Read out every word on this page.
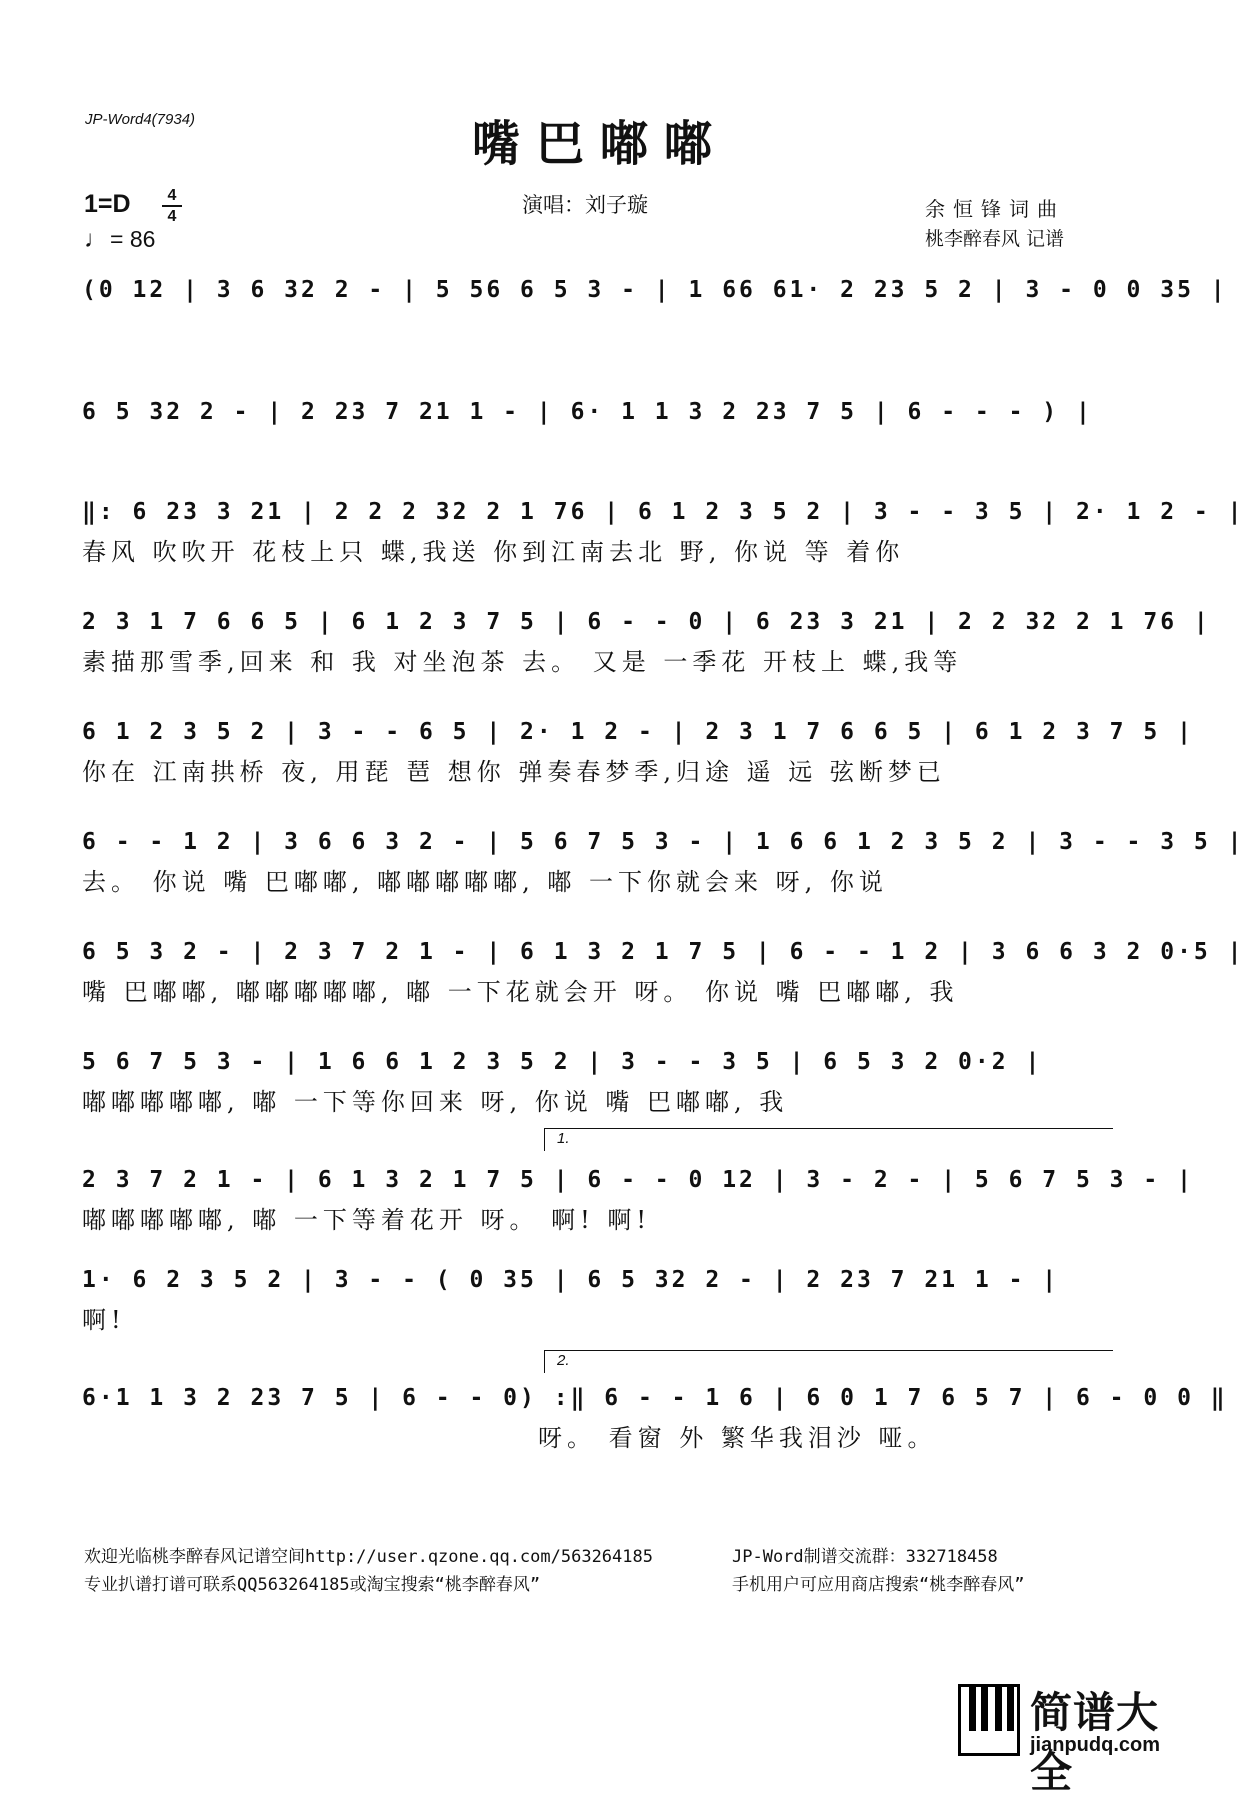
JP-Word4(7934)	嘴巴嘟嘟
1=D	4
4
♩= 86
演唱：刘子璇	余恒锋词曲
桃李醉春风 记谱
(0 12 | 3 6 32 2 - | 5 56 6 5 3 - | 1 66 61· 2 23 5 2 | 3 - 0 0 35 |
6 5 32 2 - | 2 23 7 21 1 - | 6· 1 1 3 2 23 7 5 | 6 - - - ) |
‖: 6 23 3 21 | 2 2 2 32 2 1 76 | 6 1 2 3 5 2 | 3 - - 3 5 | 2· 1 2 - |
春风 吹吹开 花枝上只 蝶,我送 你到江南去北 野, 你说 等 着你
2 3 1 7 6 6 5 | 6 1 2 3 7 5 | 6 - - 0 | 6 23 3 21 | 2 2 32 2 1 76 |
素描那雪季,回来 和 我 对坐泡茶 去。 又是 一季花 开枝上 蝶,我等
6 1 2 3 5 2 | 3 - - 6 5 | 2· 1 2 - | 2 3 1 7 6 6 5 | 6 1 2 3 7 5 |
你在 江南拱桥 夜, 用琵 琶 想你 弹奏春梦季,归途 遥 远 弦断梦已
6 - - 1 2 | 3 6 6 3 2 - | 5 6 7 5 3 - | 1 6 6 1 2 3 5 2 | 3 - - 3 5 |
去。 你说 嘴 巴嘟嘟, 嘟嘟嘟嘟嘟, 嘟 一下你就会来 呀, 你说
6 5 3 2 - | 2 3 7 2 1 - | 6 1 3 2 1 7 5 | 6 - - 1 2 | 3 6 6 3 2 0·5 |
嘴 巴嘟嘟, 嘟嘟嘟嘟嘟, 嘟 一下花就会开 呀。 你说 嘴 巴嘟嘟, 我
5 6 7 5 3 - | 1 6 6 1 2 3 5 2 | 3 - - 3 5 | 6 5 3 2 0·2 |
嘟嘟嘟嘟嘟, 嘟 一下等你回来 呀, 你说 嘴 巴嘟嘟, 我
1.
2 3 7 2 1 - | 6 1 3 2 1 7 5 | 6 - - 0 12 | 3 - 2 - | 5 6 7 5 3 - |
嘟嘟嘟嘟嘟, 嘟 一下等着花开 呀。 啊! 啊!
1· 6 2 3 5 2 | 3 - - ( 0 35 | 6 5 32 2 - | 2 23 7 21 1 - |
啊!
2.
6·1 1 3 2 23 7 5 | 6 - - 0) :‖ 6 - - 1 6 | 6 0 1 7 6 5 7 | 6 - 0 0 ‖
呀。 看窗 外 繁华我泪沙 哑。
欢迎光临桃李醉春风记谱空间http://user.qzone.qq.com/563264185
专业扒谱打谱可联系QQ563264185或淘宝搜索“桃李醉春风”
JP-Word制谱交流群：332718458
手机用户可应用商店搜索“桃李醉春风”
简谱大全
jianpudq.com
